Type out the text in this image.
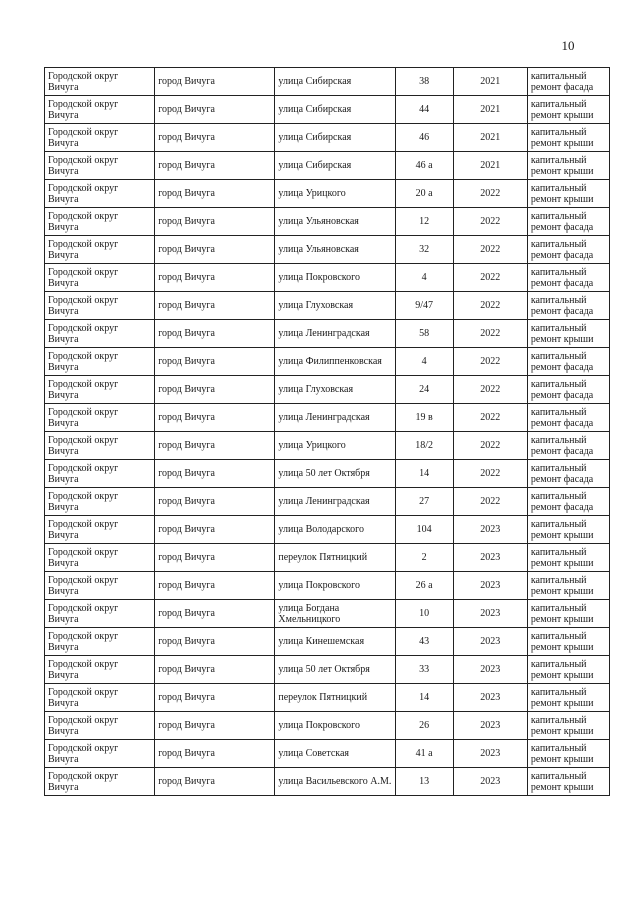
10
Городской округ Вичуга	город Вичуга	улица Сибирская	38	2021	капитальный ремонт фасада
Городской округ Вичуга	город Вичуга	улица Сибирская	44	2021	капитальный ремонт крыши
Городской округ Вичуга	город Вичуга	улица Сибирская	46	2021	капитальный ремонт крыши
Городской округ Вичуга	город Вичуга	улица Сибирская	46 а	2021	капитальный ремонт крыши
Городской округ Вичуга	город Вичуга	улица Урицкого	20 а	2022	капитальный ремонт крыши
Городской округ Вичуга	город Вичуга	улица Ульяновская	12	2022	капитальный ремонт фасада
Городской округ Вичуга	город Вичуга	улица Ульяновская	32	2022	капитальный ремонт фасада
Городской округ Вичуга	город Вичуга	улица Покровского	4	2022	капитальный ремонт фасада
Городской округ Вичуга	город Вичуга	улица Глуховская	9/47	2022	капитальный ремонт фасада
Городской округ Вичуга	город Вичуга	улица Ленинградская	58	2022	капитальный ремонт крыши
Городской округ Вичуга	город Вичуга	улица Филиппенковская	4	2022	капитальный ремонт фасада
Городской округ Вичуга	город Вичуга	улица Глуховская	24	2022	капитальный ремонт фасада
Городской округ Вичуга	город Вичуга	улица Ленинградская	19 в	2022	капитальный ремонт фасада
Городской округ Вичуга	город Вичуга	улица Урицкого	18/2	2022	капитальный ремонт фасада
Городской округ Вичуга	город Вичуга	улица 50 лет Октября	14	2022	капитальный ремонт фасада
Городской округ Вичуга	город Вичуга	улица Ленинградская	27	2022	капитальный ремонт фасада
Городской округ Вичуга	город Вичуга	улица Володарского	104	2023	капитальный ремонт крыши
Городской округ Вичуга	город Вичуга	переулок Пятницкий	2	2023	капитальный ремонт крыши
Городской округ Вичуга	город Вичуга	улица Покровского	26 а	2023	капитальный ремонт крыши
Городской округ Вичуга	город Вичуга	улица Богдана Хмельницкого	10	2023	капитальный ремонт крыши
Городской округ Вичуга	город Вичуга	улица Кинешемская	43	2023	капитальный ремонт крыши
Городской округ Вичуга	город Вичуга	улица 50 лет Октября	33	2023	капитальный ремонт крыши
Городской округ Вичуга	город Вичуга	переулок Пятницкий	14	2023	капитальный ремонт крыши
Городской округ Вичуга	город Вичуга	улица Покровского	26	2023	капитальный ремонт крыши
Городской округ Вичуга	город Вичуга	улица Советская	41 а	2023	капитальный ремонт крыши
Городской округ Вичуга	город Вичуга	улица Васильевского А.М.	13	2023	капитальный ремонт крыши
